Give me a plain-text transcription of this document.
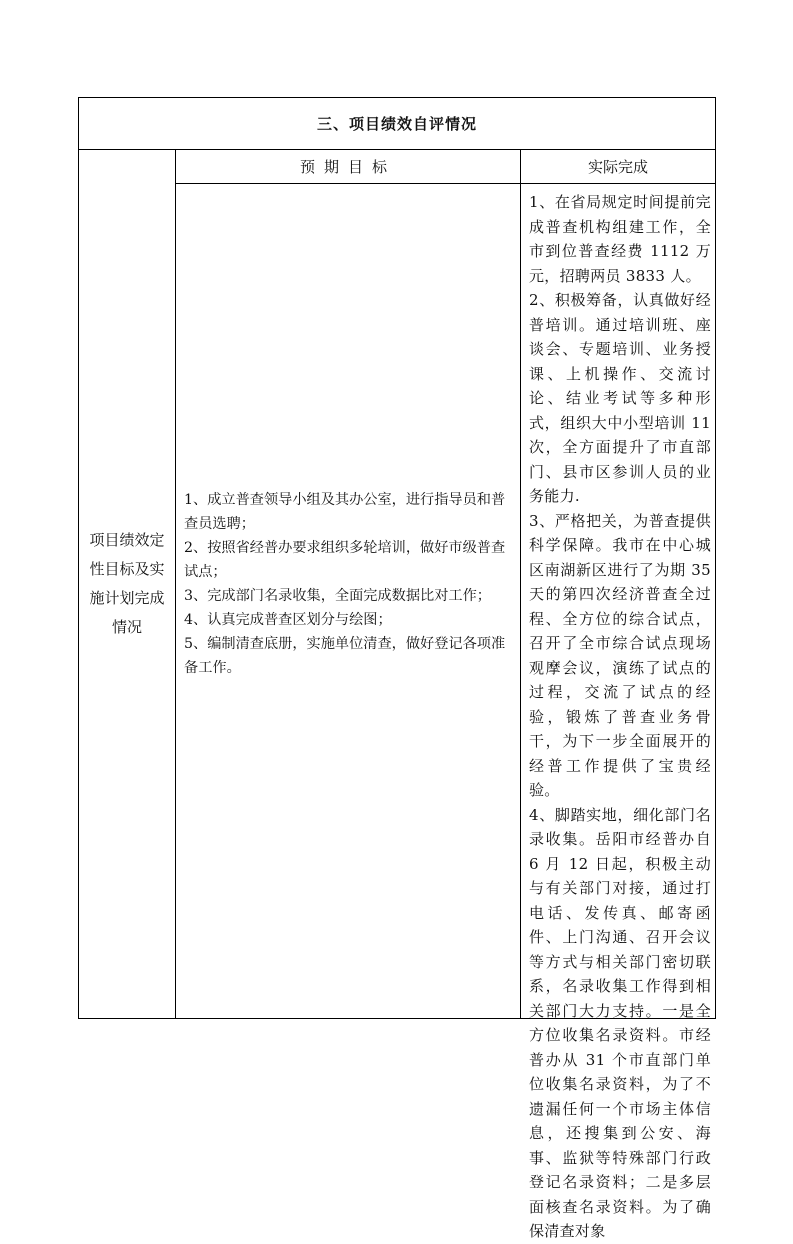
三、项目绩效自评情况
项目绩效定性目标及实施计划完成情况
预期目标	实际完成
1、成立普查领导小组及其办公室，进行指导员和普查员选聘；
2、按照省经普办要求组织多轮培训，做好市级普查试点；
3、完成部门名录收集，全面完成数据比对工作；
4、认真完成普查区划分与绘图；
5、编制清查底册，实施单位清查，做好登记各项准备工作。

1、在省局规定时间提前完成普查机构组建工作，全市到位普查经费 1112 万元，招聘两员 3833 人。

2、积极筹备，认真做好经普培训。通过培训班、座谈会、专题培训、业务授课、上机操作、交流讨论、结业考试等多种形式，组织大中小型培训 11 次，全方面提升了市直部门、县市区参训人员的业务能力.

3、严格把关，为普查提供科学保障。我市在中心城区南湖新区进行了为期 35 天的第四次经济普查全过程、全方位的综合试点，召开了全市综合试点现场观摩会议，演练了试点的过程，交流了试点的经验，锻炼了普查业务骨干，为下一步全面展开的经普工作提供了宝贵经验。

4、脚踏实地，细化部门名录收集。岳阳市经普办自 6 月 12 日起，积极主动与有关部门对接，通过打电话、发传真、邮寄函件、上门沟通、召开会议等方式与相关部门密切联系，名录收集工作得到相关部门大力支持。一是全方位收集名录资料。市经普办从 31 个市直部门单位收集名录资料，为了不遗漏任何一个市场主体信息，还搜集到公安、海事、监狱等特殊部门行政登记名录资料；二是多层面核查名录资料。为了确保清查对象
